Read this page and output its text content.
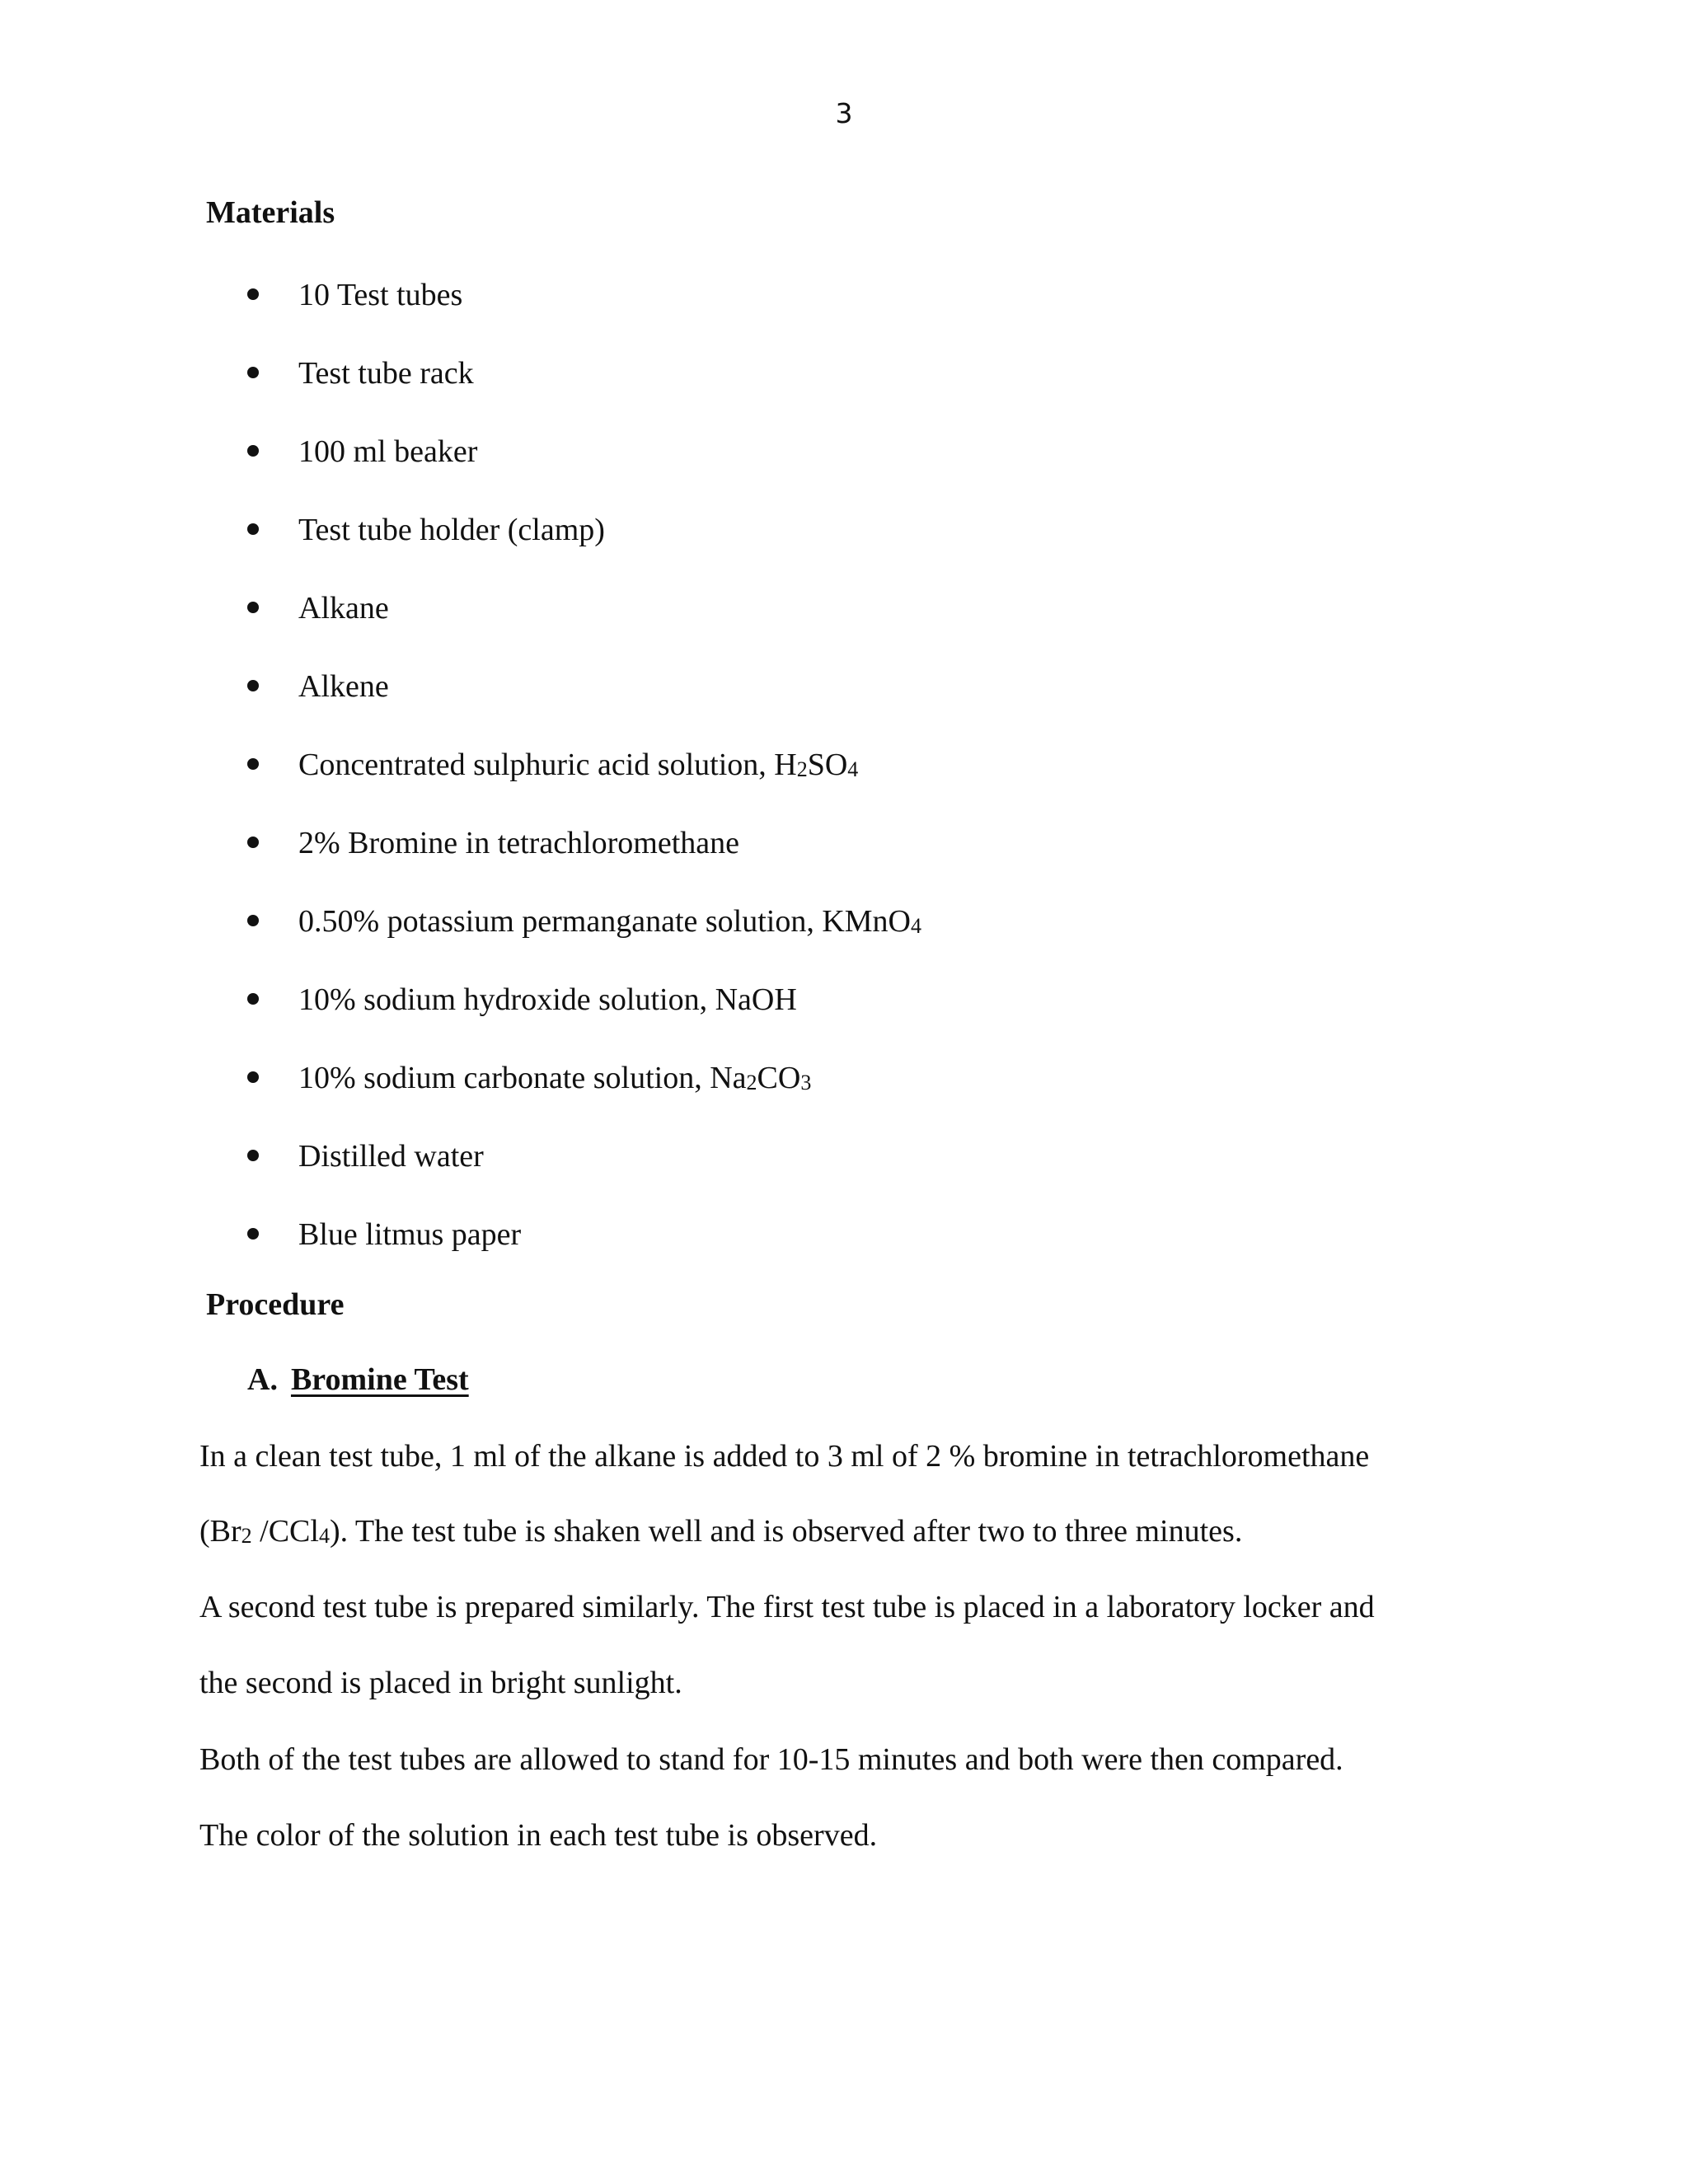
3
Materials
10 Test tubes
Test tube rack
100 ml beaker
Test tube holder (clamp)
Alkane
Alkene
Concentrated sulphuric acid solution, $H_2SO_4$
2% Bromine in tetrachloromethane
0.50% potassium permanganate solution, KMnO$_4$
10% sodium hydroxide solution, NaOH
10% sodium carbonate solution, $Na_2CO_3$
Distilled water
Blue litmus paper
Procedure
A. Bromine Test
In a clean test tube, 1 ml of the alkane is added to 3 ml of 2 % bromine in tetrachloromethane
($Br_2$ /CCl$_4$). The test tube is shaken well and is observed after two to three minutes.
A second test tube is prepared similarly. The first test tube is placed in a laboratory locker and
the second is placed in bright sunlight.
Both of the test tubes are allowed to stand for 10-15 minutes and both were then compared.
The color of the solution in each test tube is observed.
